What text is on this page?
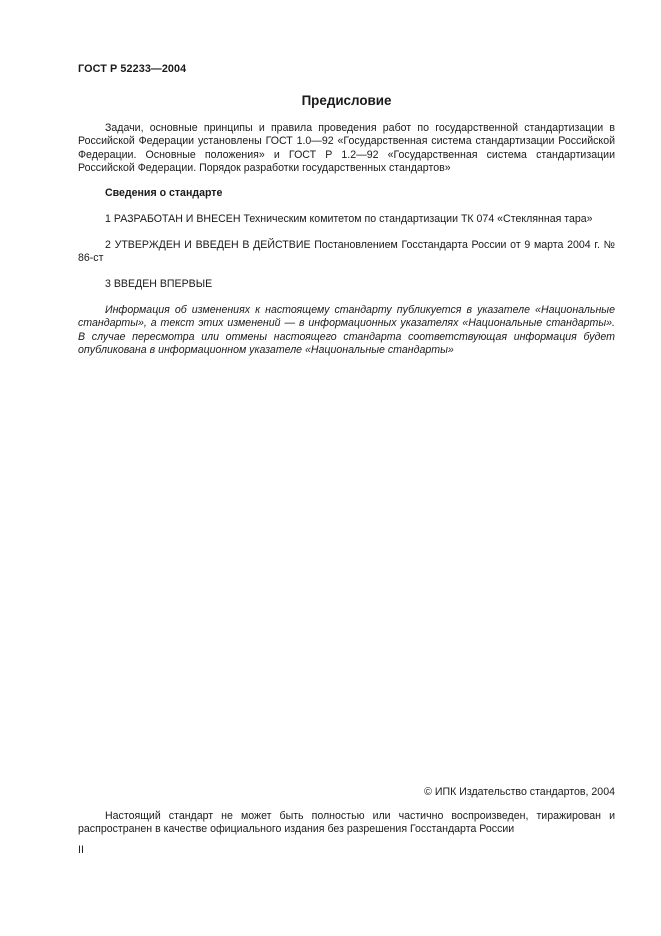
ГОСТ Р 52233—2004
Предисловие
Задачи, основные принципы и правила проведения работ по государственной стандартизации в Российской Федерации установлены ГОСТ 1.0—92 «Государственная система стандартизации Российской Федерации. Основные положения» и ГОСТ Р 1.2—92 «Государственная система стандартизации Российской Федерации. Порядок разработки государственных стандартов»
Сведения о стандарте
1 РАЗРАБОТАН И ВНЕСЕН Техническим комитетом по стандартизации ТК 074 «Стеклянная тара»
2 УТВЕРЖДЕН И ВВЕДЕН В ДЕЙСТВИЕ Постановлением Госстандарта России от 9 марта 2004 г. № 86-ст
3 ВВЕДЕН ВПЕРВЫЕ
Информация об изменениях к настоящему стандарту публикуется в указателе «Национальные стандарты», а текст этих изменений — в информационных указателях «Национальные стандарты». В случае пересмотра или отмены настоящего стандарта соответствующая информация будет опубликована в информационном указателе «Национальные стандарты»
© ИПК Издательство стандартов, 2004
Настоящий стандарт не может быть полностью или частично воспроизведен, тиражирован и распространен в качестве официального издания без разрешения Госстандарта России
II
